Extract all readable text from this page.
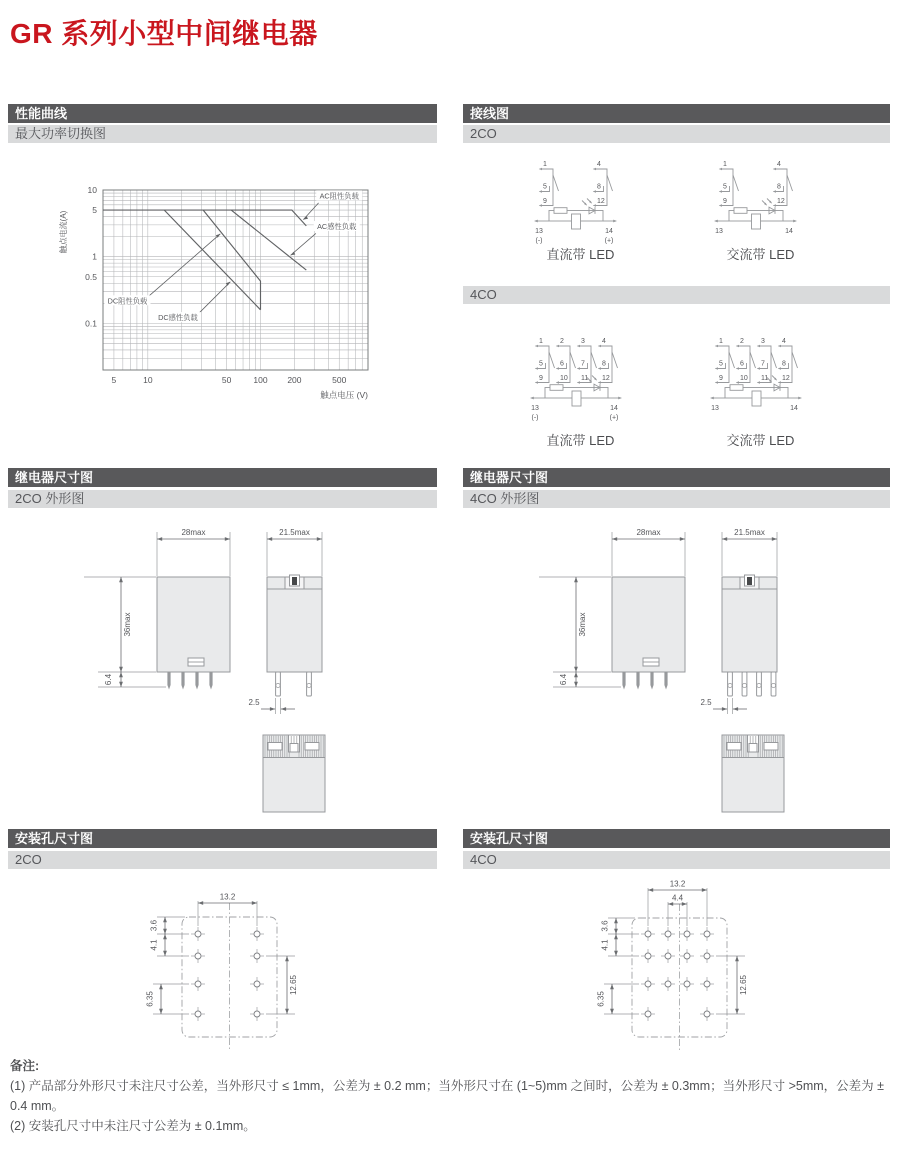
GR 系列小型中间继电器
性能曲线
最大功率切换图
接线图
2CO
4CO
5	10	50	100 200	500
10
5
1
0.5
0.1
触点电压 (V)
触点电流(A)
AC阻性负载
AC感性负载
DC阻性负载
DC感性负载
1
5
9
4
8
12
13
(-)
14
(+)
1
5
9
4
8
12
13	14
直流带 LED	交流带 LED
1
5
9
2
6
10
3
7
11
4
8
12
13
(-)
14
(+)
1
5
9
2
6
10
3
7
11
4
8
12
13	14
直流带 LED	交流带 LED
继电器尺寸图
2CO 外形图
继电器尺寸图
4CO 外形图
28max
36max
6.4
21.5max
2.5
28max
36max
6.4
21.5max
2.5
安装孔尺寸图
2CO
安装孔尺寸图
4CO
13.2
3.6
4.1
6.35
12.65
13.2
4.4
3.6
4.1
6.35
12.65
备注:
(1) 产品部分外形尺寸未注尺寸公差，当外形尺寸 ≤ 1mm，公差为 ± 0.2 mm；当外形尺寸在 (1~5)mm 之间时，公差为 ± 0.3mm；当外形尺寸 >5mm，公差为 ± 0.4 mm。
(2) 安装孔尺寸中未注尺寸公差为 ± 0.1mm。
